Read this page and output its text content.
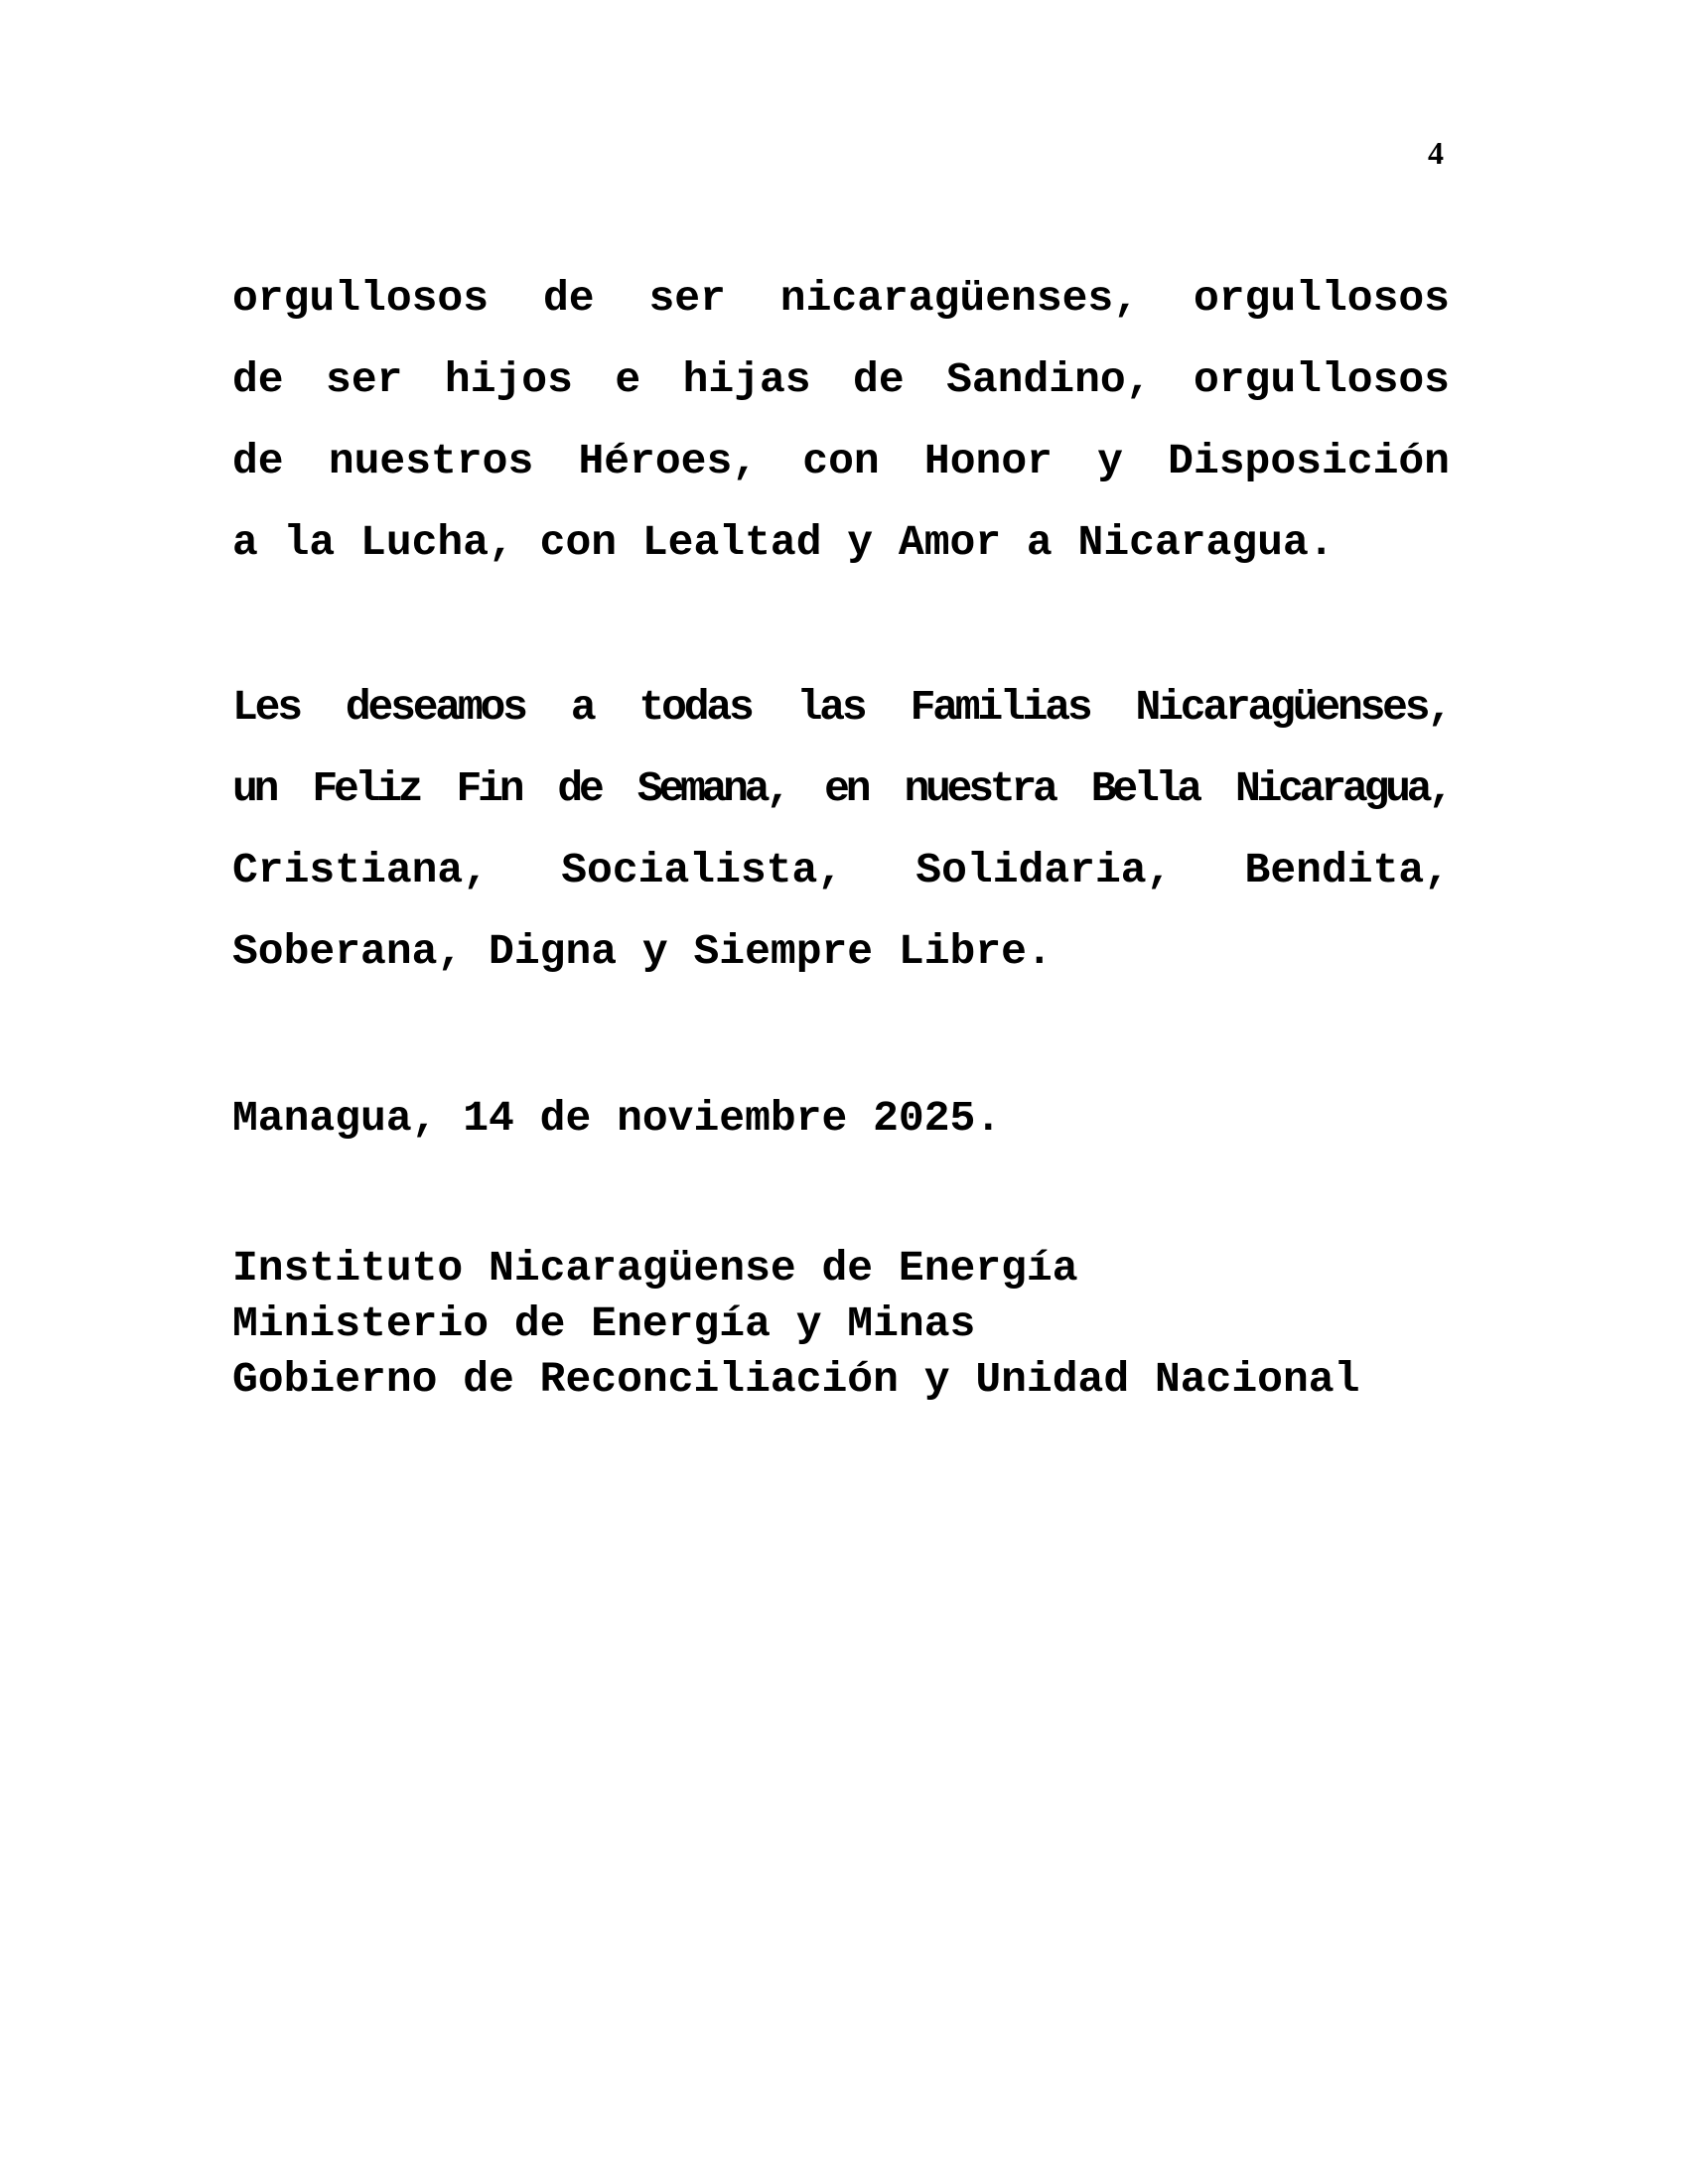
4

orgullosos de ser nicaragüenses, orgullosos
de ser hijos e hijas de Sandino, orgullosos
de nuestros Héroes, con Honor y Disposición
a la Lucha, con Lealtad y Amor a Nicaragua.

Les deseamos a todas las Familias Nicaragüenses,
un Feliz Fin de Semana, en nuestra Bella Nicaragua,
Cristiana, Socialista, Solidaria, Bendita,
Soberana, Digna y Siempre Libre.

Managua, 14 de noviembre 2025.
Instituto Nicaragüense de Energía
Ministerio de Energía y Minas
Gobierno de Reconciliación y Unidad Nacional
